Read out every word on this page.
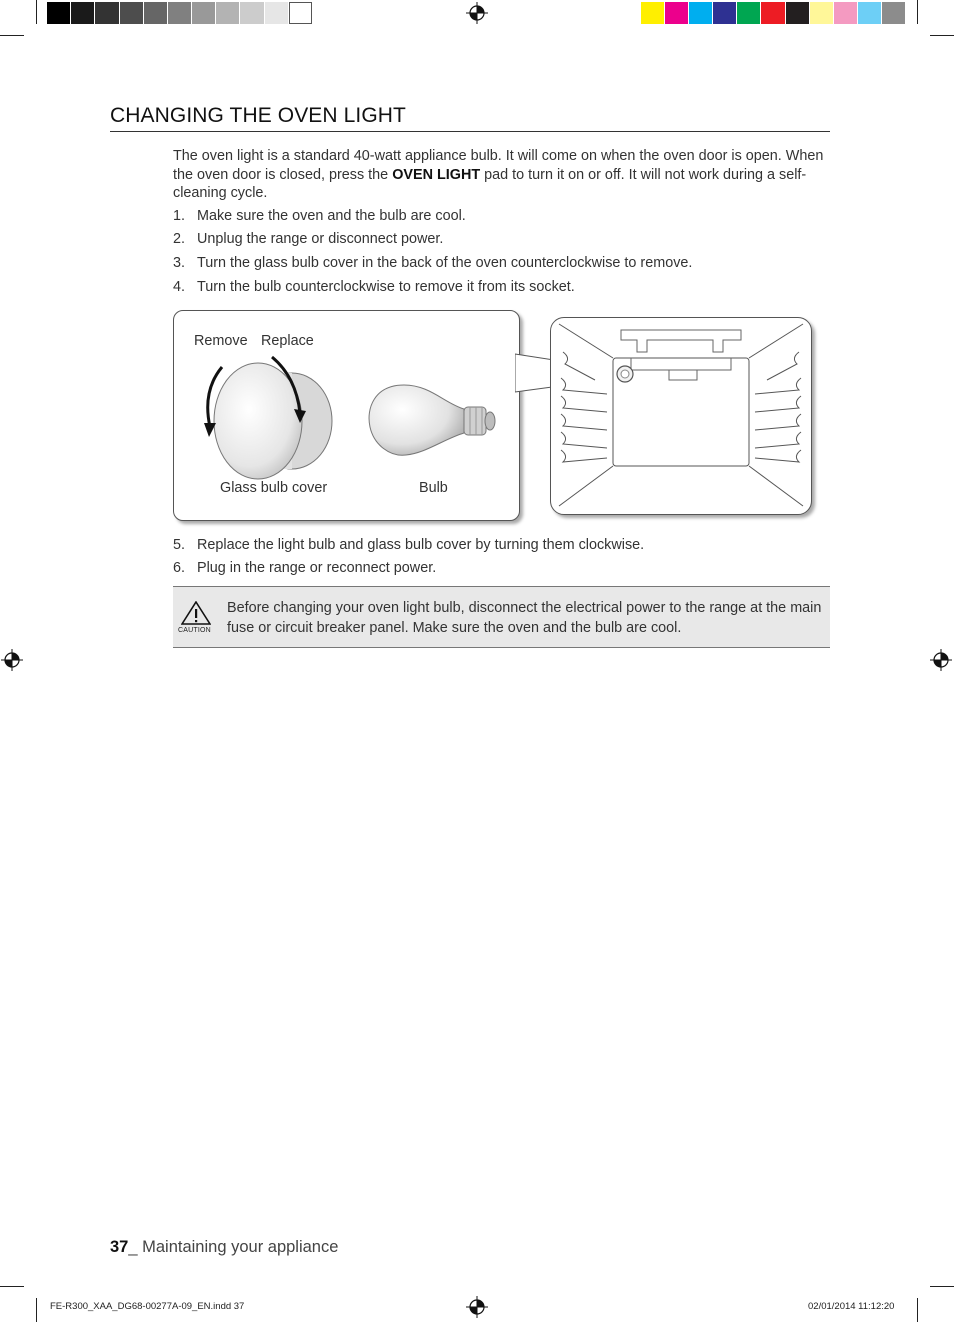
CHANGING THE OVEN LIGHT
The oven light is a standard 40-watt appliance bulb. It will come on when the oven door is open. When the oven door is closed, press the OVEN LIGHT pad to turn it on or off. It will not work during a self-cleaning cycle.
1. Make sure the oven and the bulb are cool.
2. Unplug the range or disconnect power.
3. Turn the glass bulb cover in the back of the oven counterclockwise to remove.
4. Turn the bulb counterclockwise to remove it from its socket.
Remove Replace
Glass bulb cover	Bulb
5. Replace the light bulb and glass bulb cover by turning them clockwise.
6. Plug in the range or reconnect power.
CAUTION
Before changing your oven light bulb, disconnect the electrical power to the range at the main fuse or circuit breaker panel. Make sure the oven and the bulb are cool.
37_ Maintaining your appliance
FE-R300_XAA_DG68-00277A-09_EN.indd 37	02/01/2014 11:12:20
